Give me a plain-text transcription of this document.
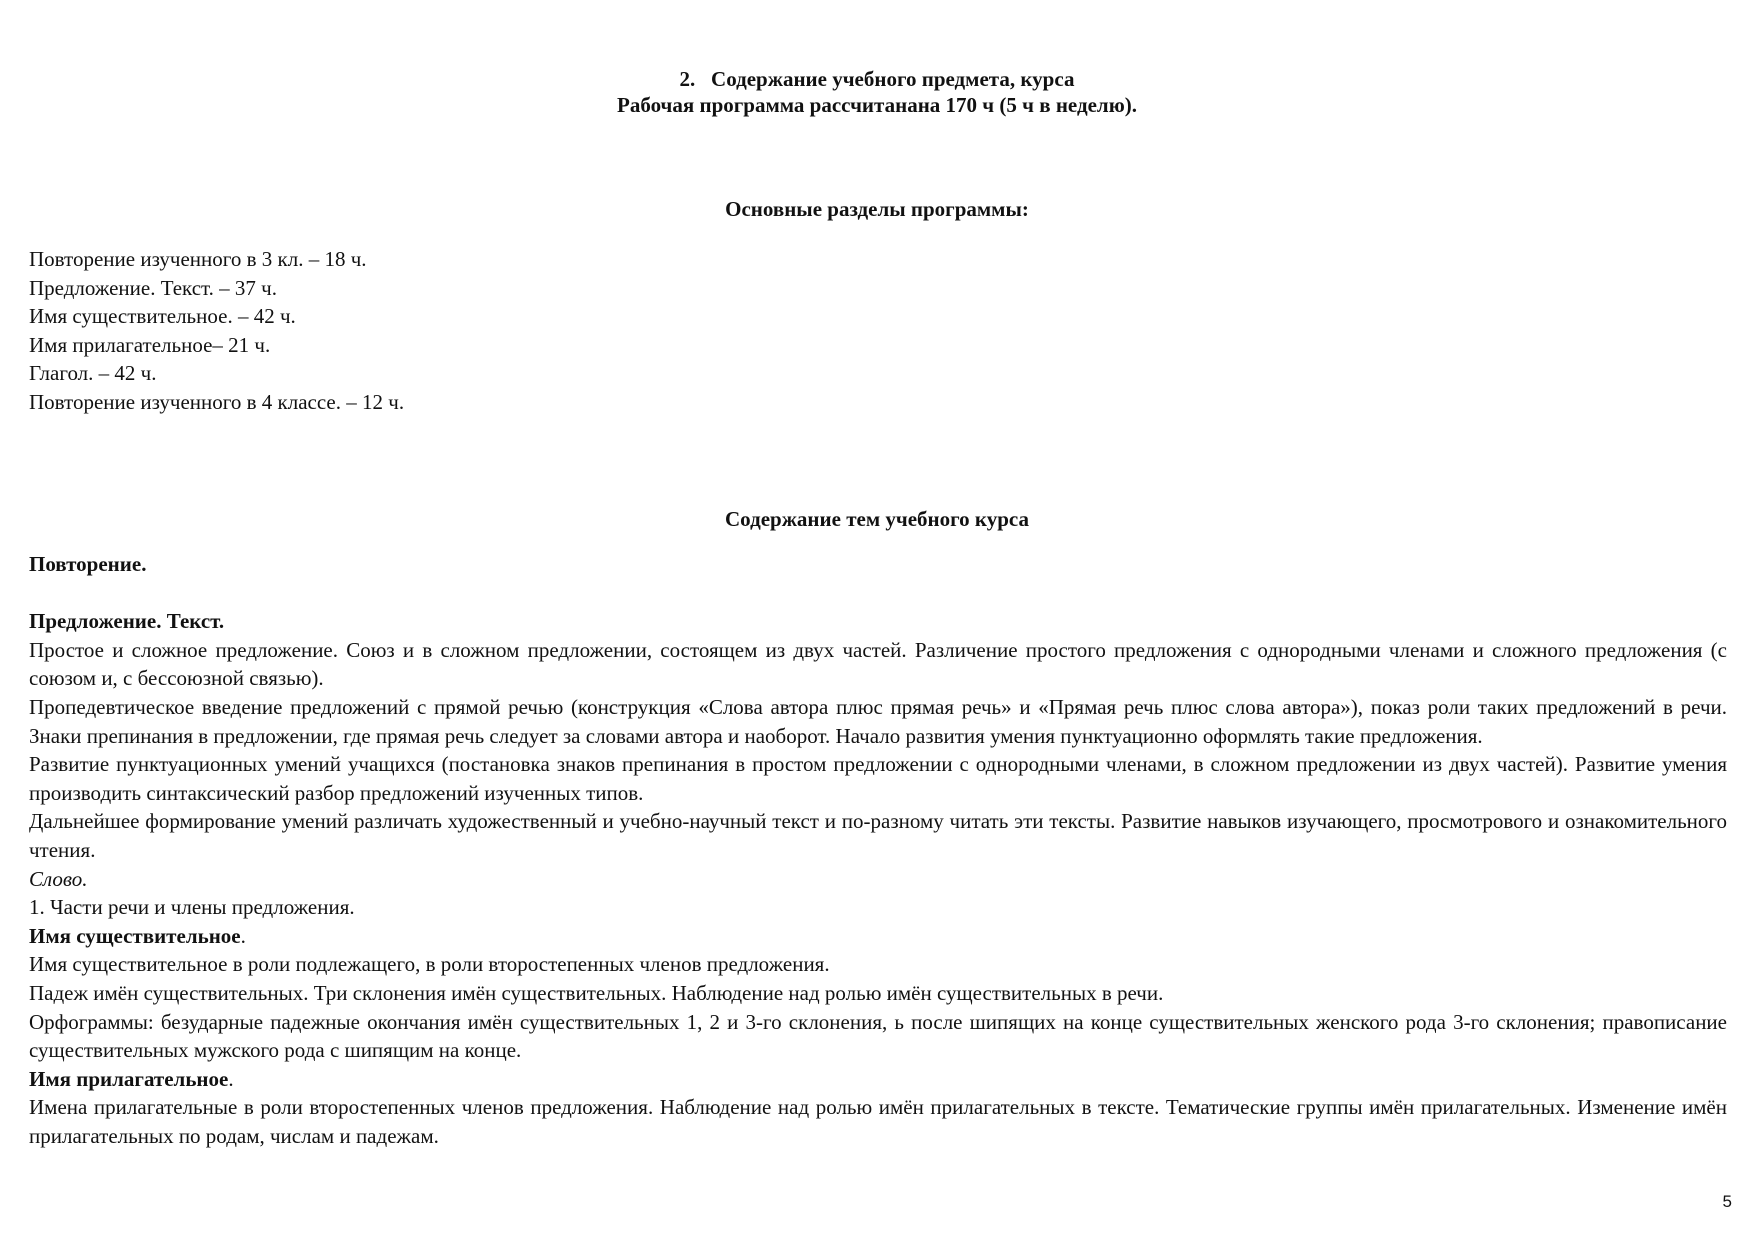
2. Содержание учебного предмета, курса
Рабочая программа рассчитанана 170 ч (5 ч в неделю).
Основные разделы программы:
Повторение изученного в 3 кл. – 18 ч.
Предложение. Текст. – 37 ч.
Имя существительное. – 42 ч.
Имя прилагательное– 21 ч.
Глагол. – 42 ч.
Повторение изученного в 4 классе. – 12 ч.
Содержание тем учебного курса

Повторение.

Предложение. Текст.

Простое и сложное предложение. Союз и в сложном предложении, состоящем из двух частей. Различение простого предложения с однородными членами и сложного предложения (с союзом и, с бессоюзной связью).

Пропедевтическое введение предложений с прямой речью (конструкция «Слова автора плюс прямая речь» и «Прямая речь плюс слова автора»), показ роли таких предложений в речи. Знаки препинания в предложении, где прямая речь следует за словами автора и наоборот. Начало развития умения пунктуационно оформлять такие предложения.

Развитие пунктуационных умений учащихся (постановка знаков препинания в простом предложении с однородными членами, в сложном предложении из двух частей). Развитие умения производить синтаксический разбор предложений изученных типов.

Дальнейшее формирование умений различать художественный и учебно-научный текст и по-разному читать эти тексты. Развитие навыков изучающего, просмотрового и ознакомительного чтения.

Слово.

1. Части речи и члены предложения.

Имя существительное.

Имя существительное в роли подлежащего, в роли второстепенных членов предложения.

Падеж имён существительных. Три склонения имён существительных. Наблюдение над ролью имён существительных в речи.

Орфограммы: безударные падежные окончания имён существительных 1, 2 и 3-го склонения, ь после шипящих на конце существительных женского рода 3-го склонения; правописание существительных мужского рода с шипящим на конце.

Имя прилагательное.

Имена прилагательные в роли второстепенных членов предложения. Наблюдение над ролью имён прилагательных в тексте. Тематические группы имён прилагательных. Изменение имён прилагательных по родам, числам и падежам.

5
